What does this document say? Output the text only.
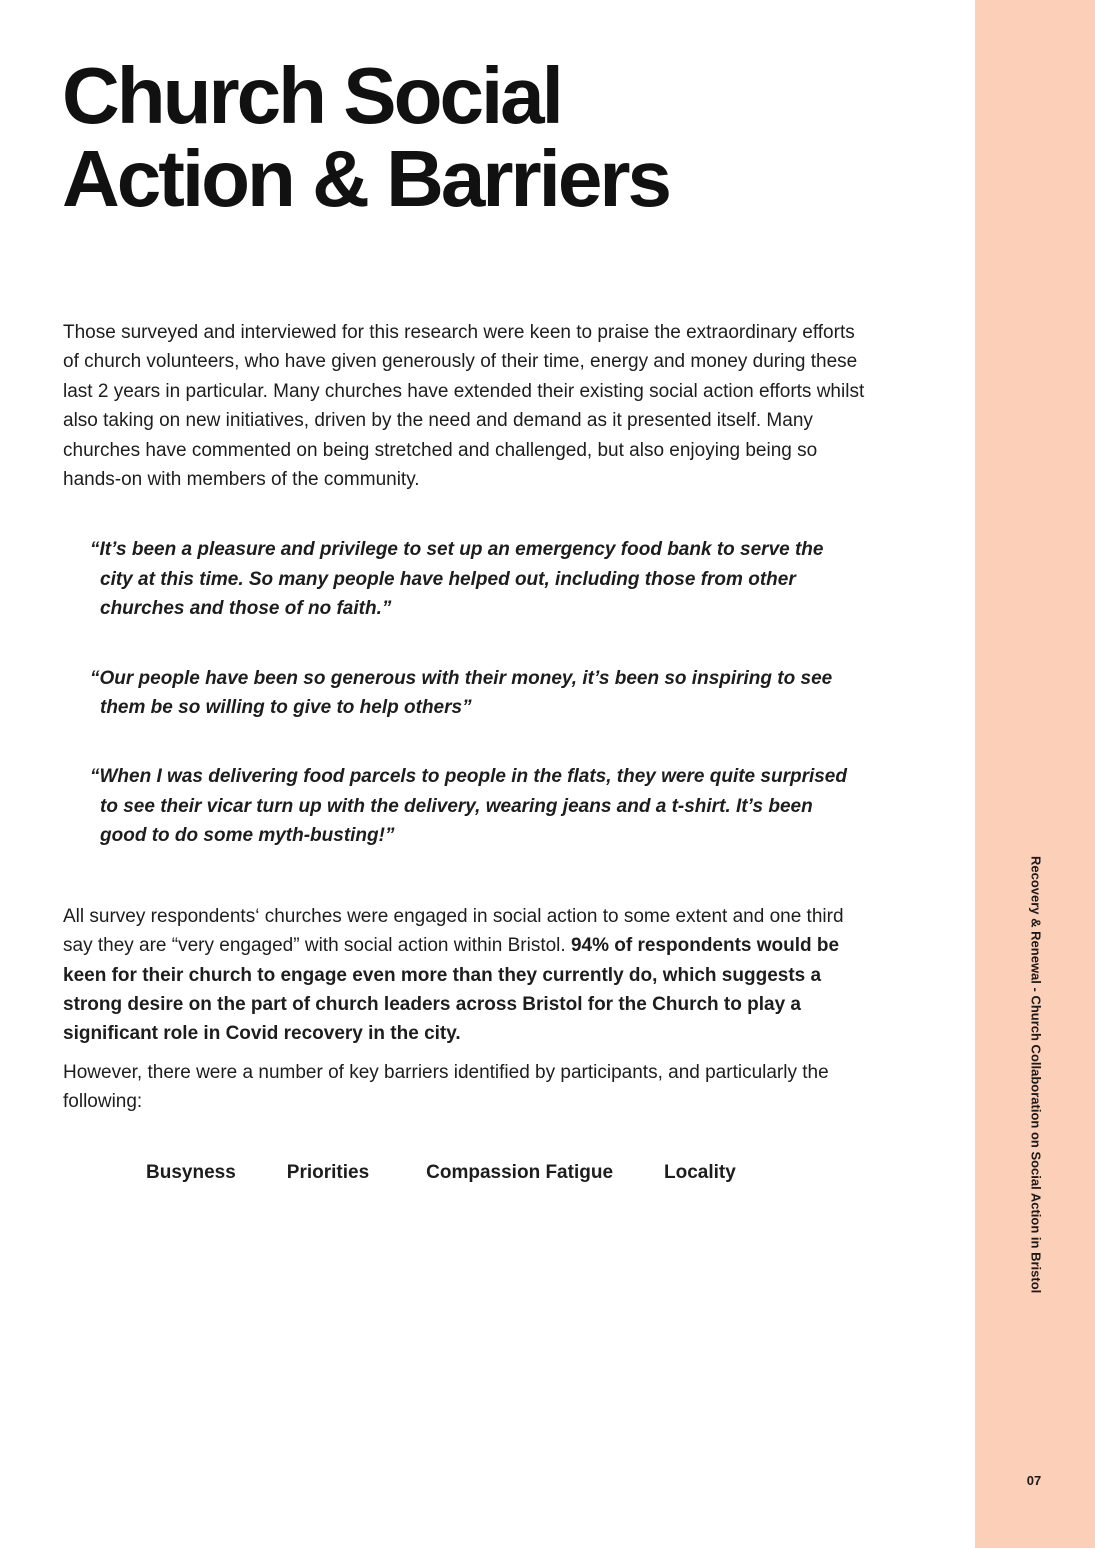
Recovery & Renewal - Church Collaboration on Social Action in Bristol
07
Church Social
Action & Barriers

Those surveyed and interviewed for this research were keen to praise the extraordinary efforts of church volunteers, who have given generously of their time, energy and money during these last 2 years in particular. Many churches have extended their existing social action efforts whilst also taking on new initiatives, driven by the need and demand as it presented itself. Many churches have commented on being stretched and challenged, but also enjoying being so hands-on with members of the community.

“It’s been a pleasure and privilege to set up an emergency food bank to serve the city at this time. So many people have helped out, including those from other churches and those of no faith.”

“Our people have been so generous with their money, it’s been so inspiring to see them be so willing to give to help others”

“When I was delivering food parcels to people in the flats, they were quite surprised to see their vicar turn up with the delivery, wearing jeans and a t-shirt. It’s been good to do some myth-busting!”

All survey respondents‘ churches were engaged in social action to some extent and one third say they are “very engaged” with social action within Bristol. 94% of respondents would be keen for their church to engage even more than they currently do, which suggests a strong desire on the part of church leaders across Bristol for the Church to play a significant role in Covid recovery in the city.

However, there were a number of key barriers identified by participants, and particularly the following:

Busyness	Priorities	Compassion Fatigue	Locality
